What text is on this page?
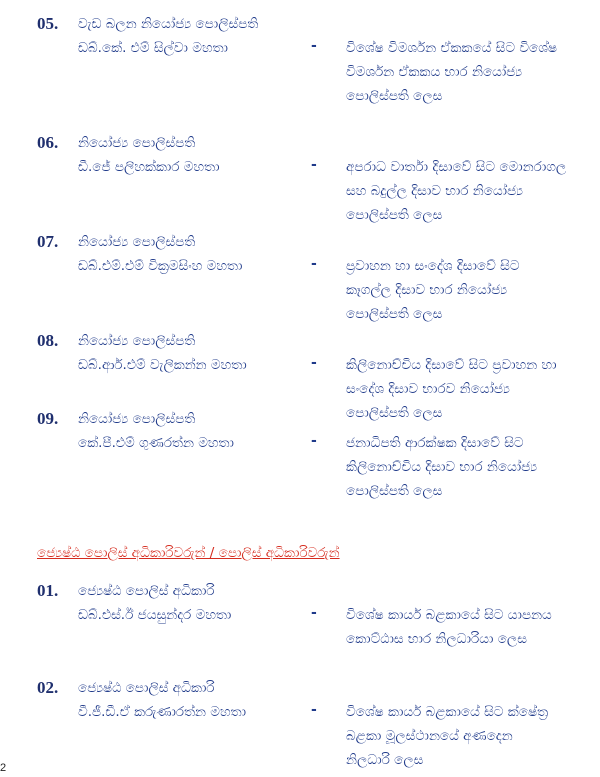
05. වැඩ බලන නියෝජ්‍ය පොලිස්පති
ඩබ්.කේ. එම් සිල්වා මහතා	- විශේෂ විමර්ශන ඒකකයේ සිට විශේෂ
විමර්ශන ඒකකය භාර නියෝජ්‍ය
පොලිස්පති ලෙස
06. නියෝජ්‍ය පොලිස්පති
ඩී.ජේ පලිහක්කාර මහතා	- අපරාධ වාර්තා දිසාවේ සිට මොනරාගල
සහ බදුල්ල දිසාව භාර නියෝජ්‍ය
පොලිස්පති ලෙස
07. නියෝජ්‍ය පොලිස්පති
ඩබ්.එම්.එම් වික්‍රමසිංහ මහතා	- ප්‍රවාහන හා සංදේශ දිසාවේ සිට
කෑගල්ල දිසාව භාර නියෝජ්‍ය
පොලිස්පති ලෙස
08. නියෝජ්‍ය පොලිස්පති
ඩබ්.ආර්.එම් වැලිකන්න මහතා	- කිලිනොච්චිය දිසාවේ සිට ප්‍රවාහන හා
සංදේශ දිසාව භාරව නියෝජ්‍ය
පොලිස්පති ලෙස
09. නියෝජ්‍ය පොලිස්පති
කේ.පී.එම් ගුණරත්න මහතා	- ජනාධිපති ආරක්ෂක දිසාවේ සිට
කිලිනොච්චිය දිසාව භාර නියෝජ්‍ය
පොලිස්පති ලෙස
ජ්‍යෙෂ්ඨ පොලිස් අධිකාරිවරුන් / පොලිස් අධිකාරිවරුන්
01. ජ්‍යෙෂ්ඨ පොලිස් අධිකාරි
ඩබ්.එස්.ඊ ජයසුන්දර මහතා	- විශේෂ කාර්ය බළකායේ සිට යාපනය
කොට්ඨාස භාර නිලධාරියා ලෙස
02. ජ්‍යෙෂ්ඨ පොලිස් අධිකාරි
වී.ජී.ඩී.ඒ කරුණාරත්න මහතා	- විශේෂ කාර්ය බළකායේ සිට ක්ෂේත්‍ර
බළකා මූලස්ථානයේ අණදෙන
නිලධාරි ලෙස
2
